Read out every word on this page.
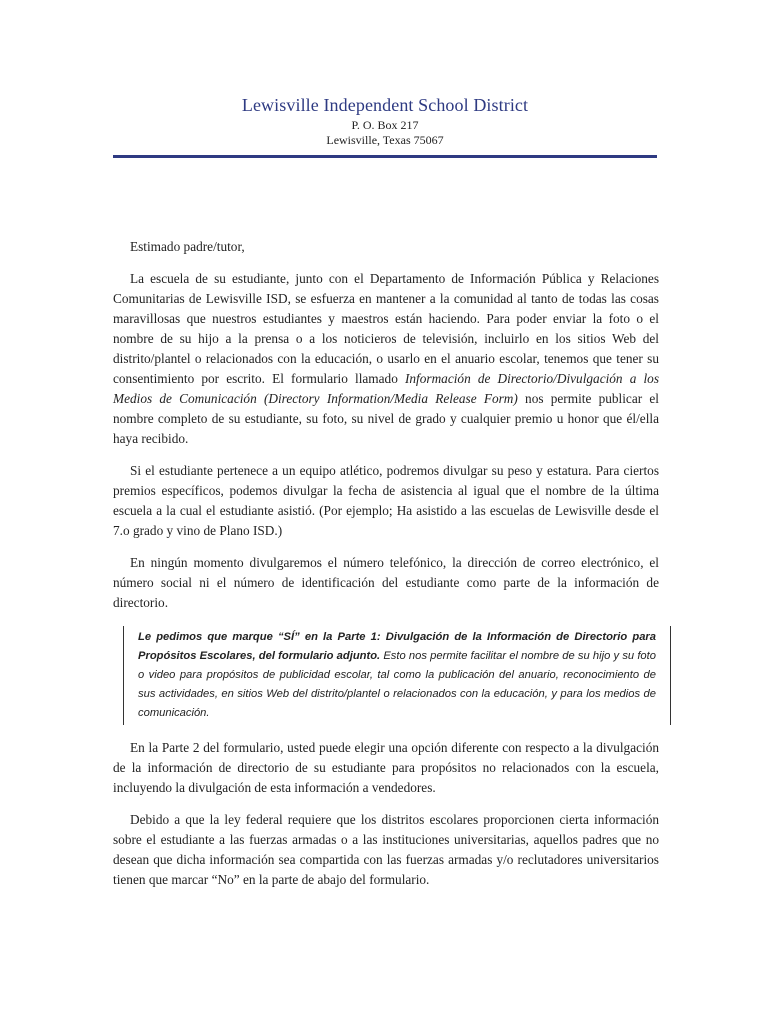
Lewisville Independent School District
P. O. Box 217
Lewisville, Texas 75067

Estimado padre/tutor,

La escuela de su estudiante, junto con el Departamento de Información Pública y Relaciones Comunitarias de Lewisville ISD, se esfuerza en mantener a la comunidad al tanto de todas las cosas maravillosas que nuestros estudiantes y maestros están haciendo. Para poder enviar la foto o el nombre de su hijo a la prensa o a los noticieros de televisión, incluirlo en los sitios Web del distrito/plantel o relacionados con la educación, o usarlo en el anuario escolar, tenemos que tener su consentimiento por escrito. El formulario llamado Información de Directorio/Divulgación a los Medios de Comunicación (Directory Information/Media Release Form) nos permite publicar el nombre completo de su estudiante, su foto, su nivel de grado y cualquier premio u honor que él/ella haya recibido.

Si el estudiante pertenece a un equipo atlético, podremos divulgar su peso y estatura. Para ciertos premios específicos, podemos divulgar la fecha de asistencia al igual que el nombre de la última escuela a la cual el estudiante asistió. (Por ejemplo; Ha asistido a las escuelas de Lewisville desde el 7.o grado y vino de Plano ISD.)

En ningún momento divulgaremos el número telefónico, la dirección de correo electrónico, el número social ni el número de identificación del estudiante como parte de la información de directorio.

Le pedimos que marque “SÍ” en la Parte 1: Divulgación de la Información de Directorio para Propósitos Escolares, del formulario adjunto. Esto nos permite facilitar el nombre de su hijo y su foto o video para propósitos de publicidad escolar, tal como la publicación del anuario, reconocimiento de sus actividades, en sitios Web del distrito/plantel o relacionados con la educación, y para los medios de comunicación.

En la Parte 2 del formulario, usted puede elegir una opción diferente con respecto a la divulgación de la información de directorio de su estudiante para propósitos no relacionados con la escuela, incluyendo la divulgación de esta información a vendedores.

Debido a que la ley federal requiere que los distritos escolares proporcionen cierta información sobre el estudiante a las fuerzas armadas o a las instituciones universitarias, aquellos padres que no desean que dicha información sea compartida con las fuerzas armadas y/o reclutadores universitarios tienen que marcar “No” en la parte de abajo del formulario.
